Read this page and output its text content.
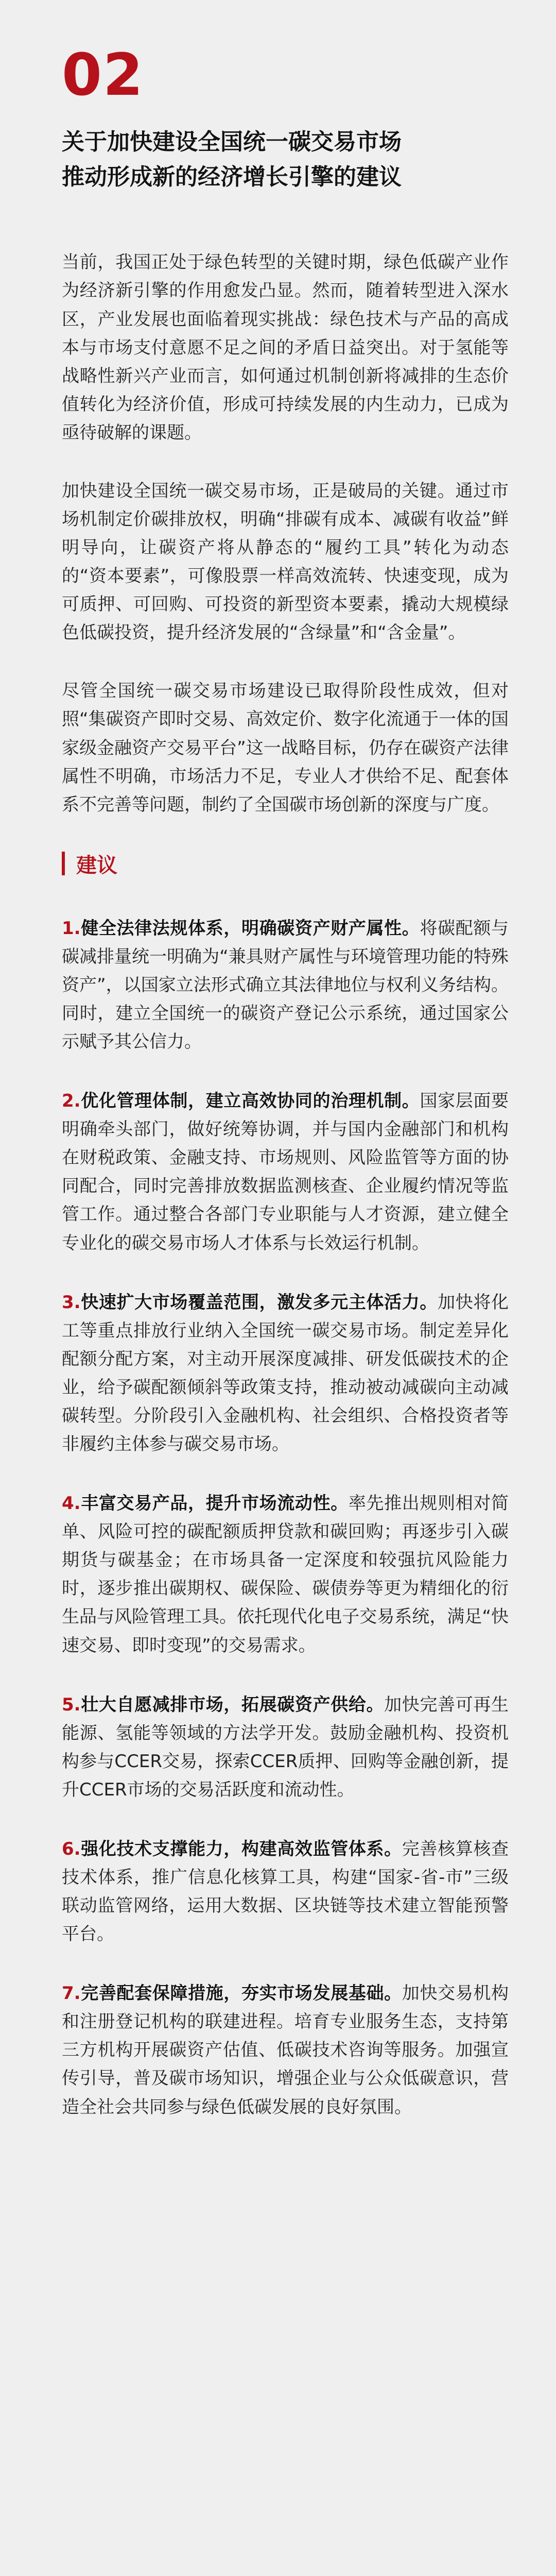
02
关于加快建设全国统一碳交易市场
推动形成新的经济增长引擎的建议

当前，我国正处于绿色转型的关键时期，绿色低碳产业作为经济新引擎的作用愈发凸显。然而，随着转型进入深水区，产业发展也面临着现实挑战：绿色技术与产品的高成本与市场支付意愿不足之间的矛盾日益突出。对于氢能等战略性新兴产业而言，如何通过机制创新将减排的生态价值转化为经济价值，形成可持续发展的内生动力，已成为亟待破解的课题。

加快建设全国统一碳交易市场，正是破局的关键。通过市场机制定价碳排放权，明确“排碳有成本、减碳有收益”鲜明导向，让碳资产将从静态的“履约工具”转化为动态的“资本要素”，可像股票一样高效流转、快速变现，成为可质押、可回购、可投资的新型资本要素，撬动大规模绿色低碳投资，提升经济发展的“含绿量”和“含金量”。

尽管全国统一碳交易市场建设已取得阶段性成效，但对照“集碳资产即时交易、高效定价、数字化流通于一体的国家级金融资产交易平台”这一战略目标，仍存在碳资产法律属性不明确，市场活力不足，专业人才供给不足、配套体系不完善等问题，制约了全国碳市场创新的深度与广度。

建议

1.健全法律法规体系，明确碳资产财产属性。将碳配额与碳减排量统一明确为“兼具财产属性与环境管理功能的特殊资产”，以国家立法形式确立其法律地位与权利义务结构。同时，建立全国统一的碳资产登记公示系统，通过国家公示赋予其公信力。

2.优化管理体制，建立高效协同的治理机制。国家层面要明确牵头部门，做好统筹协调，并与国内金融部门和机构在财税政策、金融支持、市场规则、风险监管等方面的协同配合，同时完善排放数据监测核查、企业履约情况等监管工作。通过整合各部门专业职能与人才资源，建立健全专业化的碳交易市场人才体系与长效运行机制。

3.快速扩大市场覆盖范围，激发多元主体活力。加快将化工等重点排放行业纳入全国统一碳交易市场。制定差异化配额分配方案，对主动开展深度减排、研发低碳技术的企业，给予碳配额倾斜等政策支持，推动被动减碳向主动减碳转型。分阶段引入金融机构、社会组织、合格投资者等非履约主体参与碳交易市场。

4.丰富交易产品，提升市场流动性。率先推出规则相对简单、风险可控的碳配额质押贷款和碳回购；再逐步引入碳期货与碳基金；在市场具备一定深度和较强抗风险能力时，逐步推出碳期权、碳保险、碳债券等更为精细化的衍生品与风险管理工具。依托现代化电子交易系统，满足“快速交易、即时变现”的交易需求。

5.壮大自愿减排市场，拓展碳资产供给。加快完善可再生能源、氢能等领域的方法学开发。鼓励金融机构、投资机构参与CCER交易，探索CCER质押、回购等金融创新，提升CCER市场的交易活跃度和流动性。

6.强化技术支撑能力，构建高效监管体系。完善核算核查技术体系，推广信息化核算工具，构建“国家-省-市”三级联动监管网络，运用大数据、区块链等技术建立智能预警平台。

7.完善配套保障措施，夯实市场发展基础。加快交易机构和注册登记机构的联建进程。培育专业服务生态，支持第三方机构开展碳资产估值、低碳技术咨询等服务。加强宣传引导，普及碳市场知识，增强企业与公众低碳意识，营造全社会共同参与绿色低碳发展的良好氛围。
